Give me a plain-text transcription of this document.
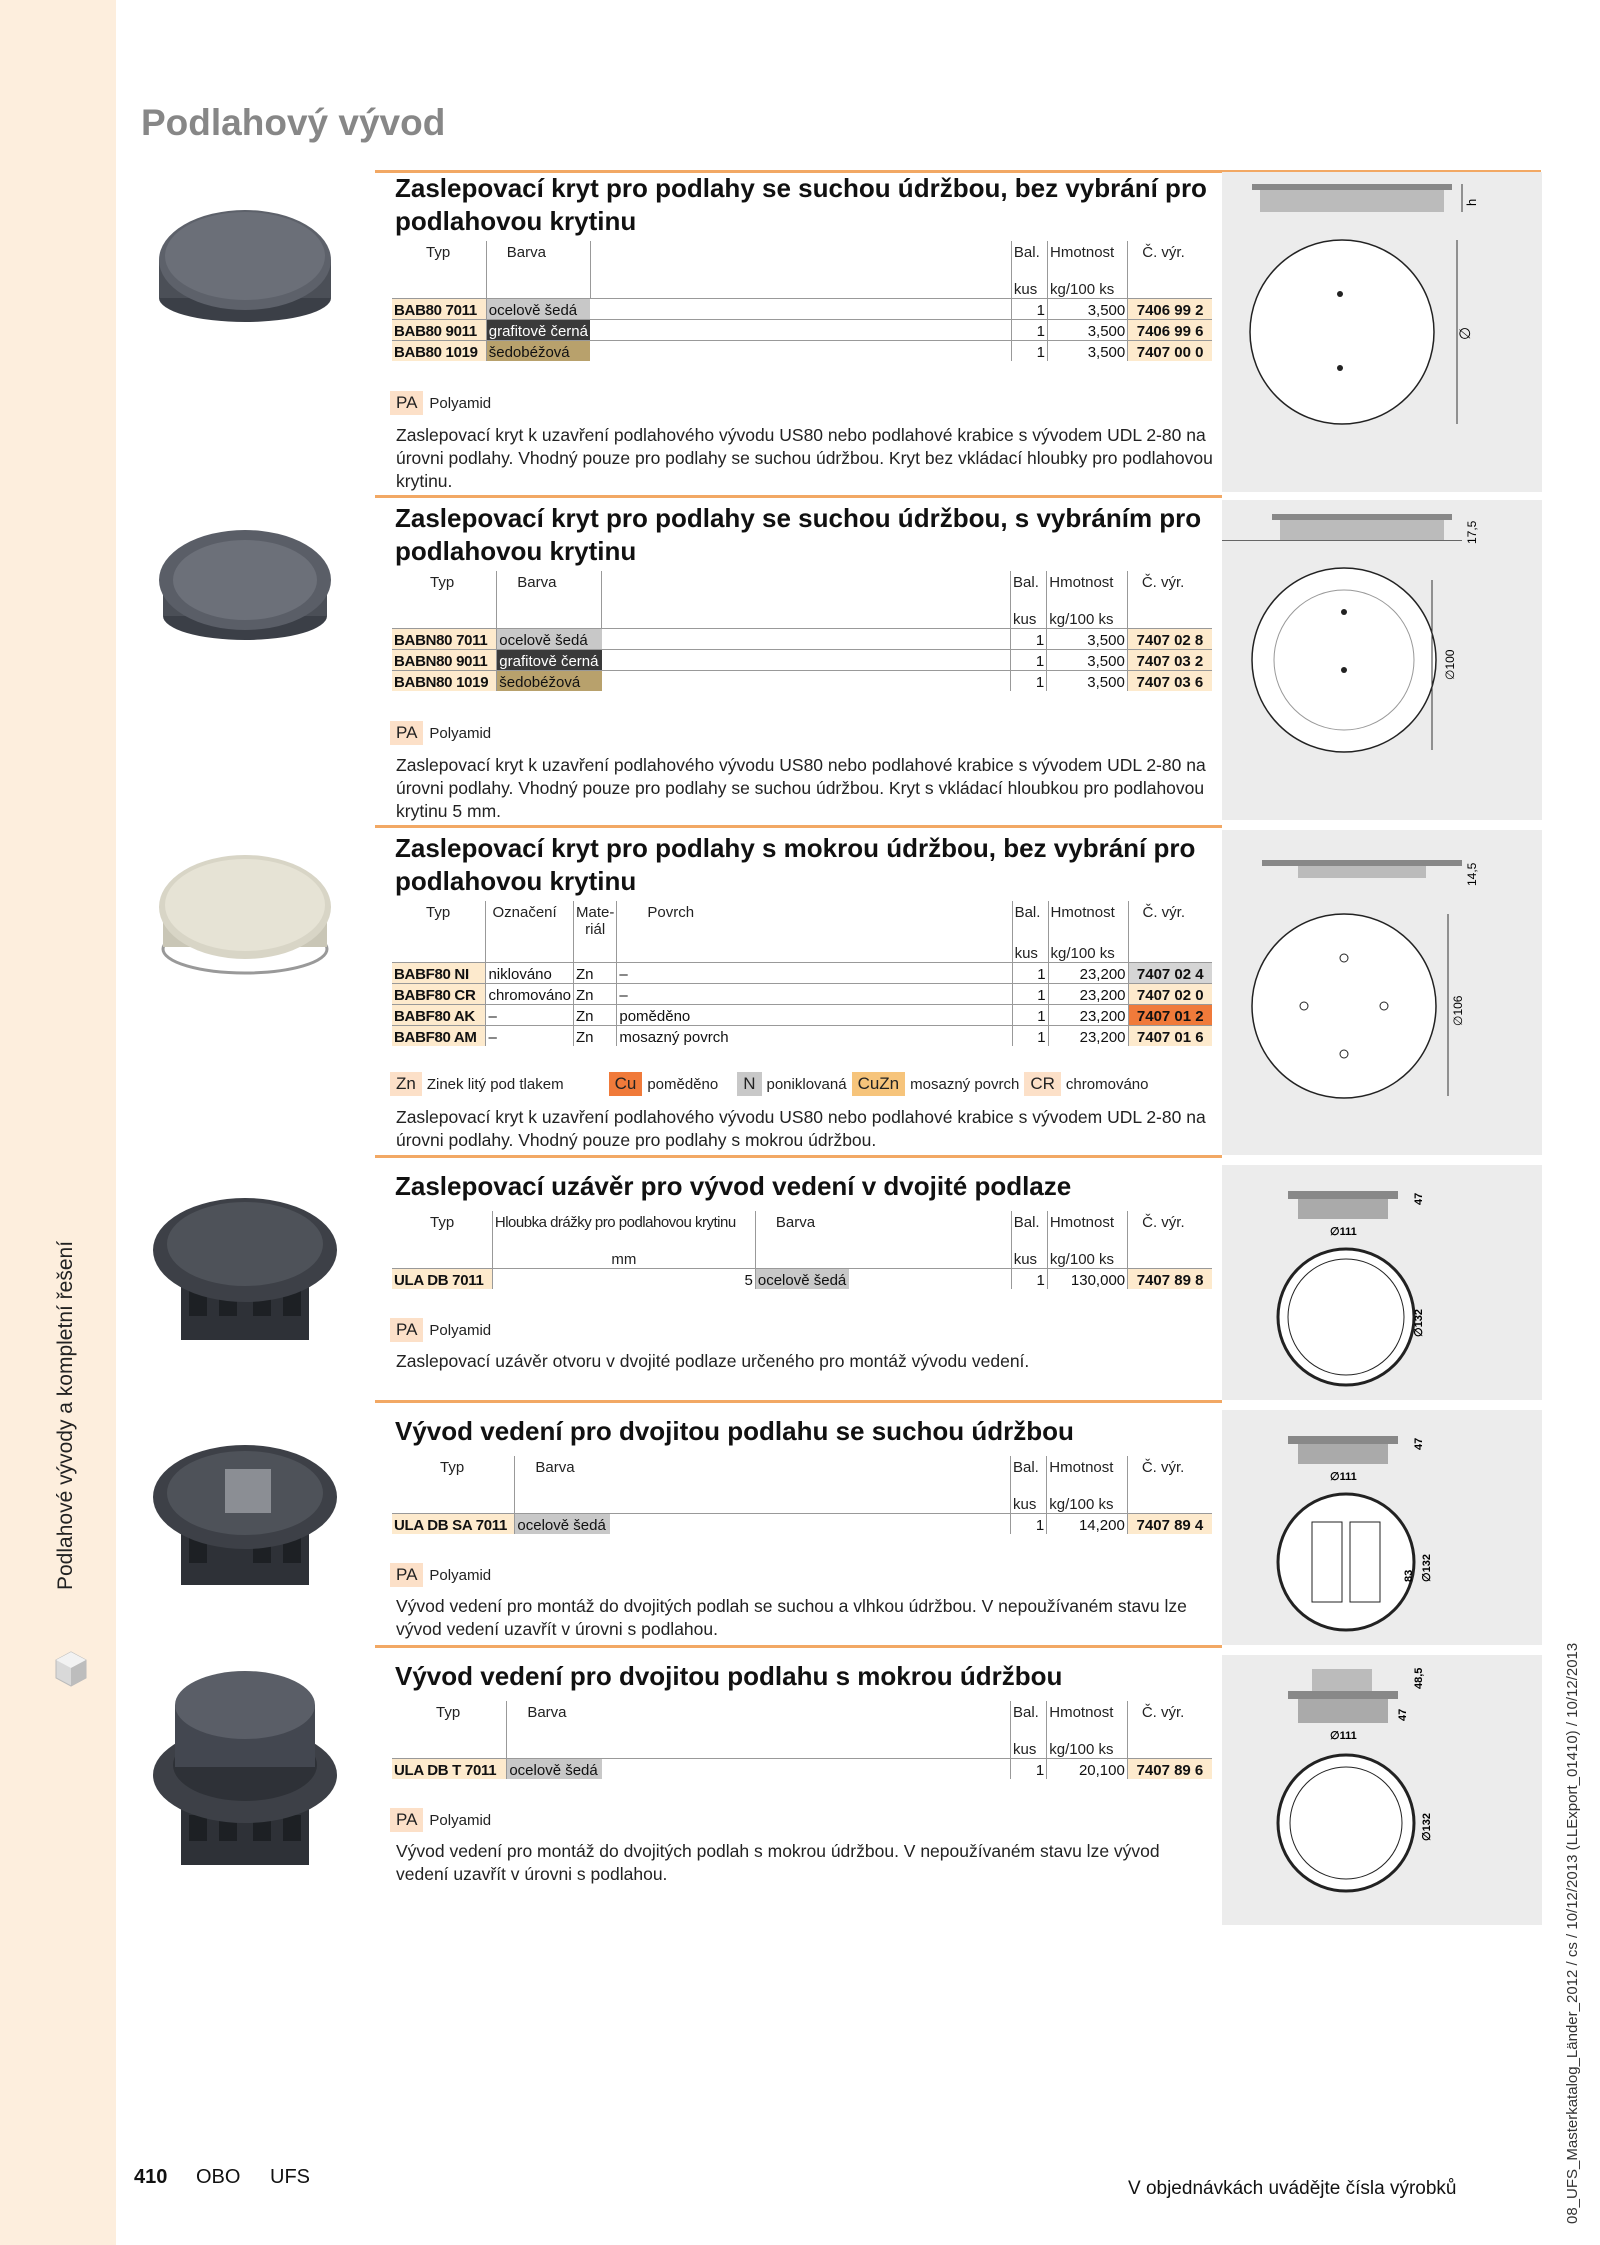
Podlahové vývody a kompletní řešení
08_UFS_Masterkatalog_Länder_2012 / cs / 10/12/2013 (LLExport_01410) / 10/12/2013
Podlahový vývod
Zaslepovací kryt pro podlahy se suchou údržbou, bez vybrání pro
podlahovou krytinu
Typ	Barva		Bal.	Hmotnost	Č. výr.
			kus	kg/100 ks	
BAB80 7011	ocelově šedá		1	3,500	7406 99 2
BAB80 9011	grafitově černá		1	3,500	7406 99 6
BAB80 1019	šedobéžová		1	3,500	7407 00 0
PA Polyamid
Zaslepovací kryt k uzavření podlahového vývodu US80 nebo podlahové krabice s vývodem UDL 2-80 na úrovni podlahy. Vhodný pouze pro podlahy se suchou údržbou. Kryt bez vkládací hloubky pro podlahovou krytinu.
Zaslepovací kryt pro podlahy se suchou údržbou, s vybráním pro
podlahovou krytinu
Typ	Barva		Bal.	Hmotnost	Č. výr.
			kus	kg/100 ks	
BABN80 7011	ocelově šedá		1	3,500	7407 02 8
BABN80 9011	grafitově černá		1	3,500	7407 03 2
BABN80 1019	šedobéžová		1	3,500	7407 03 6
PA Polyamid
Zaslepovací kryt k uzavření podlahového vývodu US80 nebo podlahové krabice s vývodem UDL 2-80 na úrovni podlahy. Vhodný pouze pro podlahy se suchou údržbou. Kryt s vkládací hloubkou pro podlahovou krytinu 5 mm.
Zaslepovací kryt pro podlahy s mokrou údržbou, bez vybrání pro
podlahovou krytinu
Typ	Označení	Mate-
riál	Povrch	Bal.	Hmotnost	Č. výr.
				kus	kg/100 ks	
BABF80 NI	niklováno	Zn	–	1	23,200	7407 02 4
BABF80 CR	chromováno	Zn	–	1	23,200	7407 02 0
BABF80 AK	–	Zn	poměděno	1	23,200	7407 01 2
BABF80 AM	–	Zn	mosazný povrch	1	23,200	7407 01 6
Zn Zinek litý pod tlakem	Cu poměděno	N poniklovaná CuZn mosazný povrch CR chromováno
Zaslepovací kryt k uzavření podlahového vývodu US80 nebo podlahové krabice s vývodem UDL 2-80 na úrovni podlahy. Vhodný pouze pro podlahy s mokrou údržbou.
Zaslepovací uzávěr pro vývod vedení v dvojité podlaze
Typ	Hloubka drážky pro podlahovou krytinu	Barva		Bal.	Hmotnost	Č. výr.
	mm			kus	kg/100 ks	
ULA DB 7011	5	ocelově šedá		1	130,000	7407 89 8
PA Polyamid
Zaslepovací uzávěr otvoru v dvojité podlaze určeného pro montáž vývodu vedení.
Vývod vedení pro dvojitou podlahu se suchou údržbou
Typ	Barva		Bal.	Hmotnost	Č. výr.
			kus	kg/100 ks	
ULA DB SA 7011	ocelově šedá		1	14,200	7407 89 4
PA Polyamid
Vývod vedení pro montáž do dvojitých podlah se suchou a vlhkou údržbou. V nepoužívaném stavu lze vývod vedení uzavřít v úrovni s podlahou.
Vývod vedení pro dvojitou podlahu s mokrou údržbou
Typ	Barva		Bal.	Hmotnost	Č. výr.
			kus	kg/100 ks	
ULA DB T 7011	ocelově šedá		1	20,100	7407 89 6
PA Polyamid
Vývod vedení pro montáž do dvojitých podlah s mokrou údržbou. V nepoužívaném stavu lze vývod vedení uzavřít v úrovni s podlahou.
h
∅
17,5
∅100
14,5
∅106
47
∅111
∅132
47
∅111
83 ∅132
48,5
47
∅111
∅132
410 OBO UFS
V objednávkách uvádějte čísla výrobků
